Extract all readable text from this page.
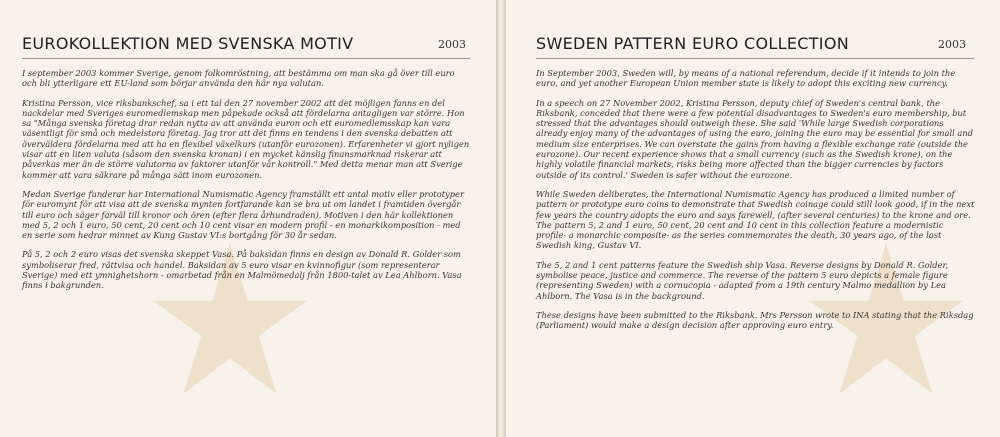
EUROKOLLEKTION MED SVENSKA MOTIV	2003

I september 2003 kommer Sverige, genom folkomröstning, att bestämma om man ska gå över till euro och bli ytterligare ett EU-land som börjar använda den här nya valutan.

Kristina Persson, vice riksbankschef, sa i ett tal den 27 november 2002 att det möjligen fanns en del nackdelar med Sveriges euromedlemskap men påpekade också att fördelarna antagligen var större. Hon sa "Många svenska företag drar redan nytta av att använda euron och ett euromedlemsskap kan vara väsentligt för små och medelstora företag. Jag tror att det finns en tendens i den svenska debatten att överväldera fördelarna med att ha en flexibel växelkurs (utanför eurozonen). Erfarenheter vi gjort nyligen visar att en liten valuta (såsom den svenska kronan) i en mycket känslig finansmarknad riskerar att påverkas mer än de större valutorna av faktorer utanför vår kontroll." Med detta menar man att Sverige kommer att vara säkrare på många sätt inom eurozonen.

Medan Sverige funderar har International Numismatic Agency framställt ett antal motiv eller prototyper för euromynt för att visa att de svenska mynten fortfarande kan se bra ut om landet i framtiden övergår till euro och säger farväl till kronor och ören (efter flera århundraden). Motiven i den här kollektionen med 5, 2 och 1 euro, 50 cent, 20 cent och 10 cent visar en modern profil - en monarkikomposition - med en serie som hedrar minnet av Kung Gustav VI:s bortgång för 30 år sedan.

På 5, 2 och 2 euro visas det svenska skeppet Vasa. På baksidan finns en design av Donald R. Golder som symboliserar fred, rättvisa och handel. Baksidan av 5 euro visar en kvinnofigur (som representerar Sverige) med ett ymnighetshorn - omarbetad från en Malmömedalj från 1800-talet av Lea Ahlborn. Vasa finns i bakgrunden.

SWEDEN PATTERN EURO COLLECTION	2003

In September 2003, Sweden will, by means of a national referendum, decide if it intends to join the euro, and yet another European Union member state is likely to adopt this exciting new currency.

In a speech on 27 November 2002, Kristina Persson, deputy chief of Sweden's central bank, the Riksbank, conceded that there were a few potential disadvantages to Sweden's euro membership, but stressed that the advantages should outweigh these. She said 'While large Swedish corporations already enjoy many of the advantages of using the euro, joining the euro may be essential for small and medium size enterprises. We can overstate the gains from having a flexible exchange rate (outside the eurozone). Our recent experience shows that a small currency (such as the Swedish krone), on the highly volatile financial markets, risks being more affected than the bigger currencies by factors outside of its control.' Sweden is safer without the eurozone.

While Sweden deliberates, the International Numismatic Agency has produced a limited number of pattern or prototype euro coins to demonstrate that Swedish coinage could still look good, if in the next few years the country adopts the euro and says farewell, (after several centuries) to the krone and ore. The pattern 5, 2 and 1 euro, 50 cent, 20 cent and 10 cent in this collection feature a modernistic profile- a monarchic composite- as the series commemorates the death, 30 years ago, of the last Swedish king, Gustav VI.

The 5, 2 and 1 cent patterns feature the Swedish ship Vasa. Reverse designs by Donald R. Golder, symbolise peace, justice and commerce. The reverse of the pattern 5 euro depicts a female figure (representing Sweden) with a cornucopia - adapted from a 19th century Malmo medallion by Lea Ahlborn. The Vasa is in the background.

These designs have been submitted to the Riksbank. Mrs Persson wrote to INA stating that the Riksdag (Parliament) would make a design decision after approving euro entry.
